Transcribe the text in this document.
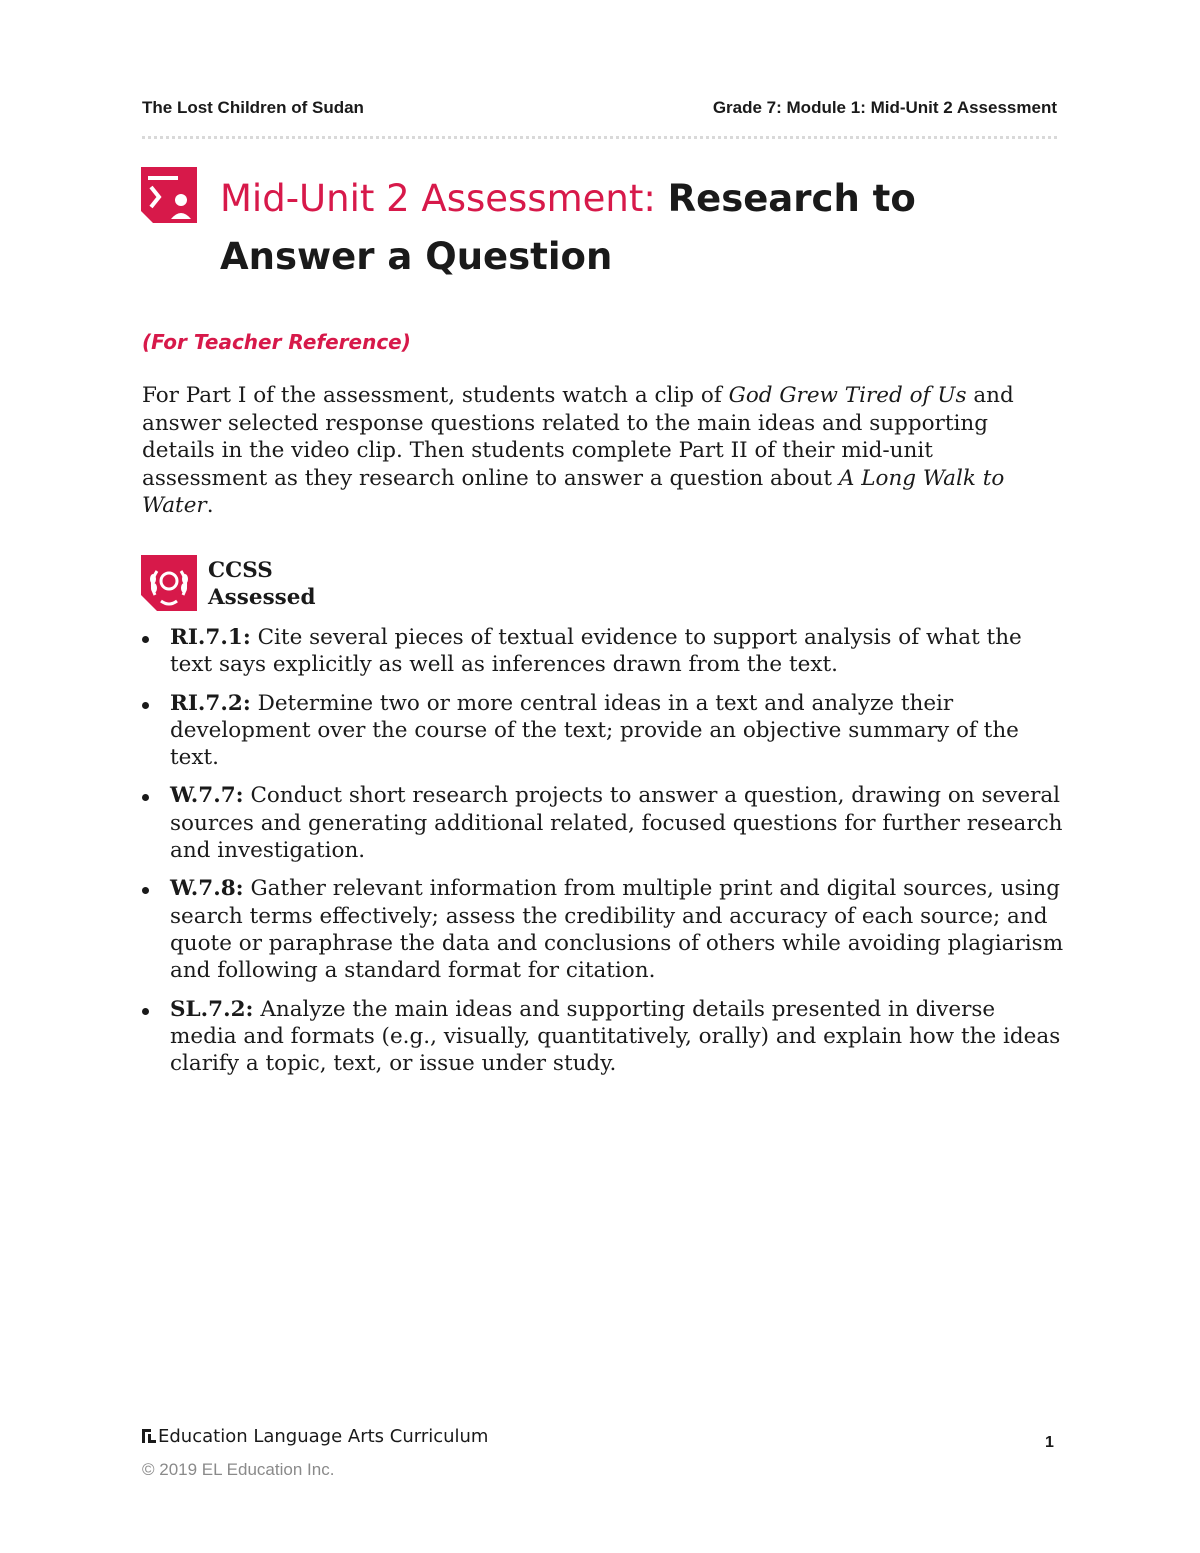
The Lost Children of Sudan	Grade 7: Module 1: Mid-Unit 2 Assessment
Mid-Unit 2 Assessment: Research to
Answer a Question
(For Teacher Reference)

For Part I of the assessment, students watch a clip of God Grew Tired of Us and answer selected response questions related to the main ideas and supporting details in the video clip. Then students complete Part II of their mid-unit assessment as they research online to answer a question about A Long Walk to Water.

CCSS
Assessed
RI.7.1: Cite several pieces of textual evidence to support analysis of what the text says explicitly as well as inferences drawn from the text.
RI.7.2: Determine two or more central ideas in a text and analyze their development over the course of the text; provide an objective summary of the text.
W.7.7: Conduct short research projects to answer a question, drawing on several sources and generating additional related, focused questions for further research and investigation.
W.7.8: Gather relevant information from multiple print and digital sources, using search terms effectively; assess the credibility and accuracy of each source; and quote or paraphrase the data and conclusions of others while avoiding plagiarism and following a standard format for citation.
SL.7.2: Analyze the main ideas and supporting details presented in diverse media and formats (e.g., visually, quantitatively, orally) and explain how the ideas clarify a topic, text, or issue under study.
Education Language Arts Curriculum
© 2019 EL Education Inc.
1
